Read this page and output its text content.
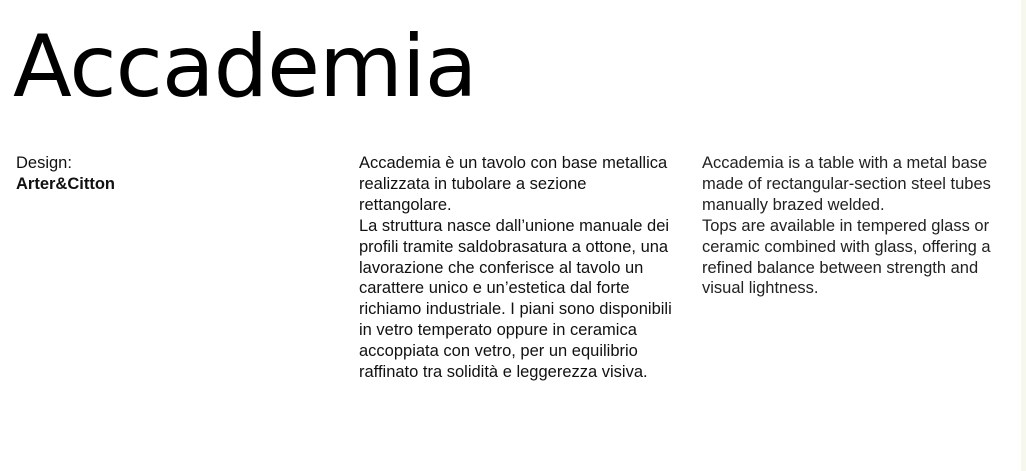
Accademia
Design:
Arter&Citton

Accademia è un tavolo con base metallica realizzata in tubolare a sezione rettangolare.

La struttura nasce dall’unione manuale dei profili tramite saldobrasatura a ottone, una lavorazione che conferisce al tavolo un carattere unico e un’estetica dal forte richiamo industriale. I piani sono disponibili in vetro temperato oppure in ceramica accoppiata con vetro, per un equilibrio raffinato tra solidità e leggerezza visiva.

Accademia is a table with a metal base made of rectangular-section steel tubes manually brazed welded.

Tops are available in tempered glass or ceramic combined with glass, offering a refined balance between strength and visual lightness.
